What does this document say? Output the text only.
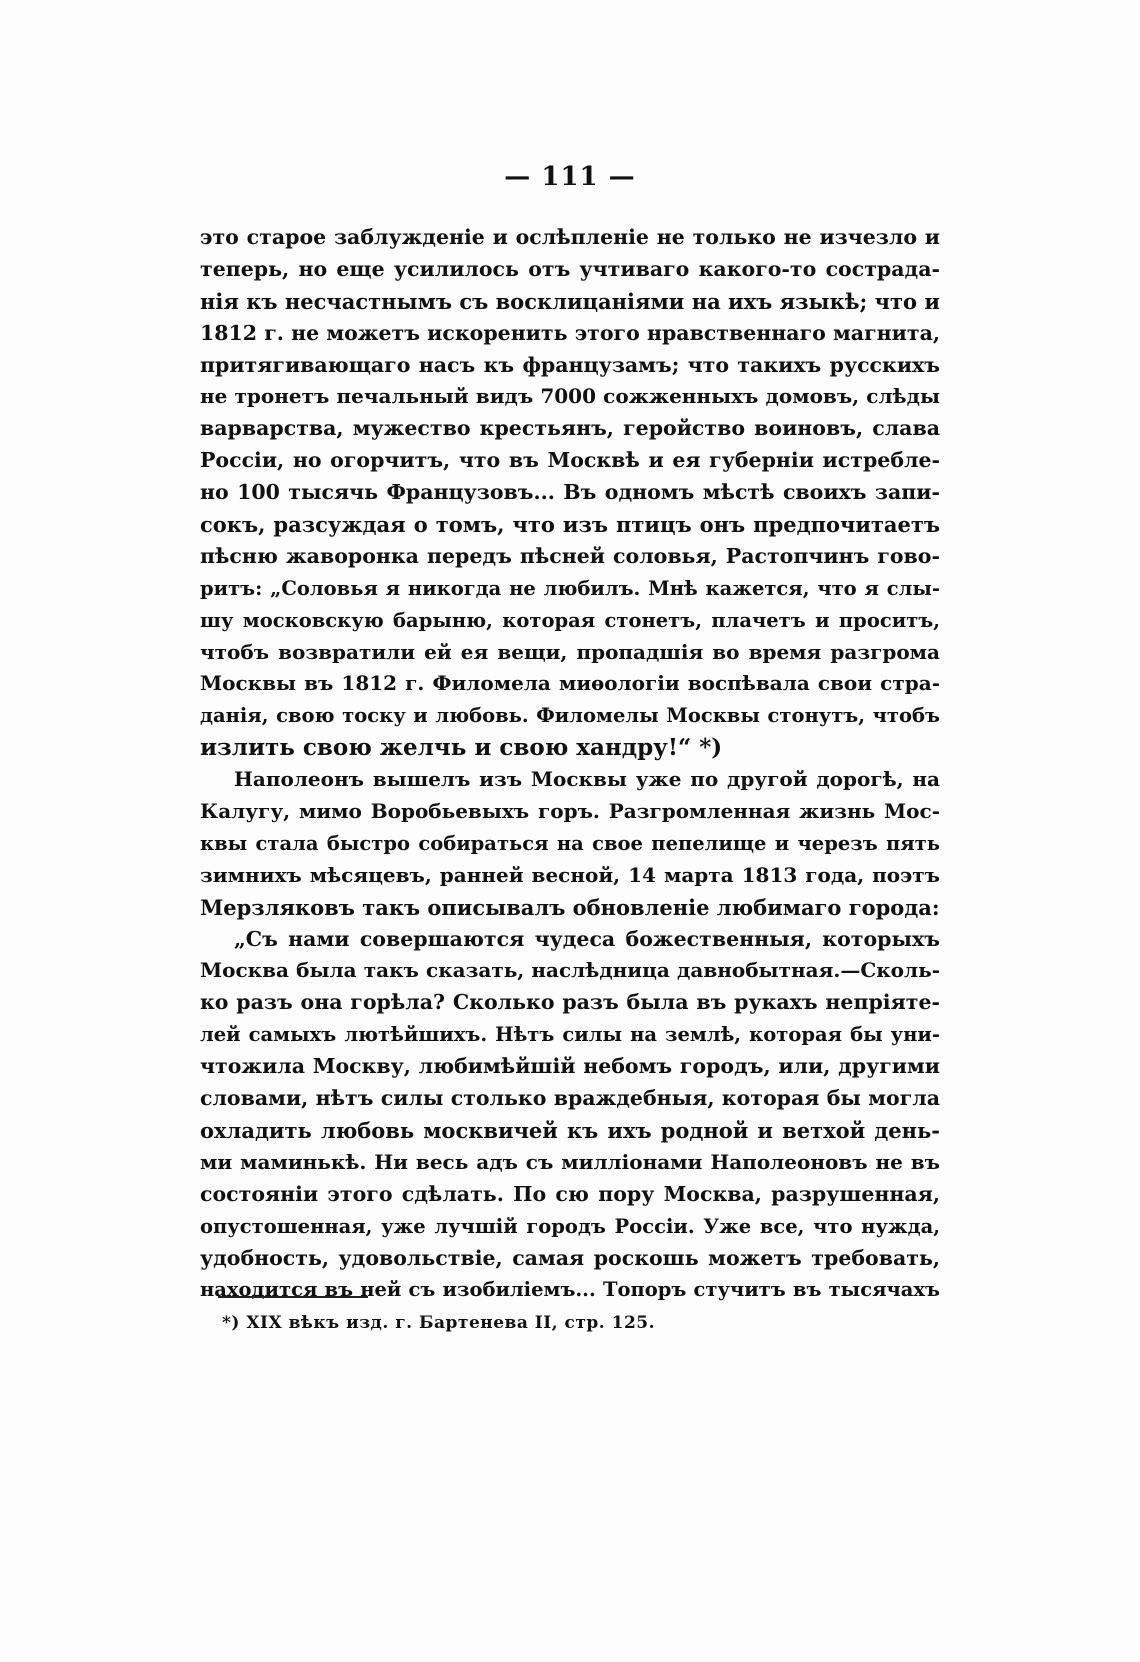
— 111 —
это старое заблужденіе и ослѣпленіе не только не изчезло и
теперь, но еще усилилось отъ учтиваго какого-то сострада-
нія къ несчастнымъ съ восклицаніями на ихъ языкѣ; что и
1812 г. не можетъ искоренить этого нравственнаго магнита,
притягивающаго насъ къ французамъ; что такихъ русскихъ
не тронетъ печальный видъ 7000 сожженныхъ домовъ, слѣды
варварства, мужество крестьянъ, геройство воиновъ, слава
Россіи, но огорчитъ, что въ Москвѣ и ея губерніи истребле-
но 100 тысячь Французовъ... Въ одномъ мѣстѣ своихъ запи-
сокъ, разсуждая о томъ, что изъ птицъ онъ предпочитаетъ
пѣсню жаворонка передъ пѣсней соловья, Растопчинъ гово-
ритъ: „Соловья я никогда не любилъ. Мнѣ кажется, что я слы-
шу московскую барыню, которая стонетъ, плачетъ и проситъ,
чтобъ возвратили ей ея вещи, пропадшія во время разгрома
Москвы въ 1812 г. Филомела миѳологіи воспѣвала свои стра-
данія, свою тоску и любовь. Филомелы Москвы стонутъ, чтобъ
излить свою желчь и свою хандру!“ *)
Наполеонъ вышелъ изъ Москвы уже по другой дорогѣ, на
Калугу, мимо Воробьевыхъ горъ. Разгромленная жизнь Мос-
квы стала быстро собираться на свое пепелище и черезъ пять
зимнихъ мѣсяцевъ, ранней весной, 14 марта 1813 года, поэтъ
Мерзляковъ такъ описывалъ обновленіе любимаго города:
„Съ нами совершаются чудеса божественныя, которыхъ
Москва была такъ сказать, наслѣдница давнобытная.—Сколь-
ко разъ она горѣла? Сколько разъ была въ рукахъ непріяте-
лей самыхъ лютѣйшихъ. Нѣтъ силы на землѣ, которая бы уни-
чтожила Москву, любимѣйшій небомъ городъ, или, другими
словами, нѣтъ силы столько враждебныя, которая бы могла
охладить любовь москвичей къ ихъ родной и ветхой день-
ми маминькѣ. Ни весь адъ съ милліонами Наполеоновъ не въ
состояніи этого сдѣлать. По сю пору Москва, разрушенная,
опустошенная, уже лучшій городъ Россіи. Уже все, что нужда,
удобность, удовольствіе, самая роскошь можетъ требовать,
находится въ ней съ изобиліемъ... Топоръ стучитъ въ тысячахъ
*) XIX вѣкъ изд. г. Бартенева II, стр. 125.
